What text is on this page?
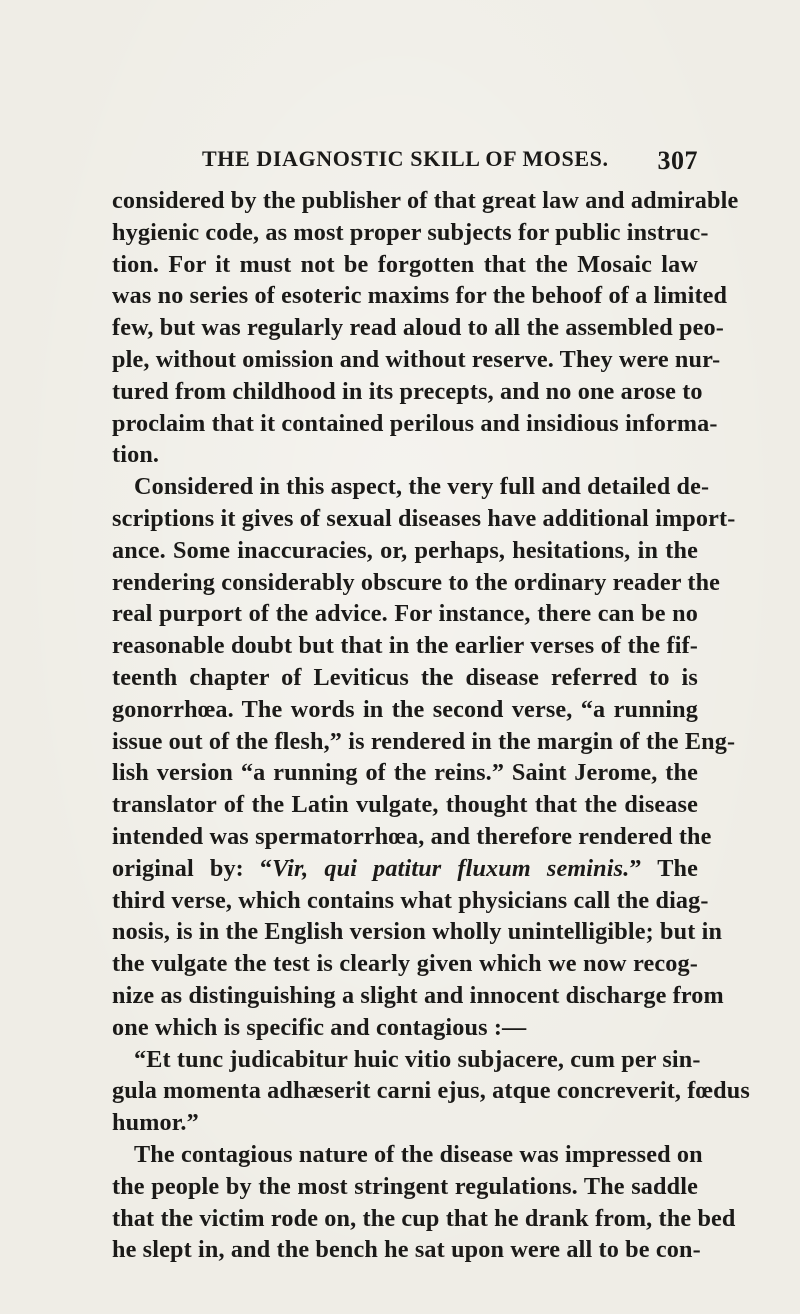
THE DIAGNOSTIC SKILL OF MOSES. 307
considered by the publisher of that great law and admirable
hygienic code, as most proper subjects for public instruc-
tion. For it must not be forgotten that the Mosaic law
was no series of esoteric maxims for the behoof of a limited
few, but was regularly read aloud to all the assembled peo-
ple, without omission and without reserve. They were nur-
tured from childhood in its precepts, and no one arose to
proclaim that it contained perilous and insidious informa-
tion.
Considered in this aspect, the very full and detailed de-
scriptions it gives of sexual diseases have additional import-
ance. Some inaccuracies, or, perhaps, hesitations, in the
rendering considerably obscure to the ordinary reader the
real purport of the advice. For instance, there can be no
reasonable doubt but that in the earlier verses of the fif-
teenth chapter of Leviticus the disease referred to is
gonorrhœa. The words in the second verse, “a running
issue out of the flesh,” is rendered in the margin of the Eng-
lish version “a running of the reins.” Saint Jerome, the
translator of the Latin vulgate, thought that the disease
intended was spermatorrhœa, and therefore rendered the
original by: “Vir, qui patitur fluxum seminis.” The
third verse, which contains what physicians call the diag-
nosis, is in the English version wholly unintelligible; but in
the vulgate the test is clearly given which we now recog-
nize as distinguishing a slight and innocent discharge from
one which is specific and contagious :—
“Et tunc judicabitur huic vitio subjacere, cum per sin-
gula momenta adhæserit carni ejus, atque concreverit, fœdus
humor.”
The contagious nature of the disease was impressed on
the people by the most stringent regulations. The saddle
that the victim rode on, the cup that he drank from, the bed
he slept in, and the bench he sat upon were all to be con-
